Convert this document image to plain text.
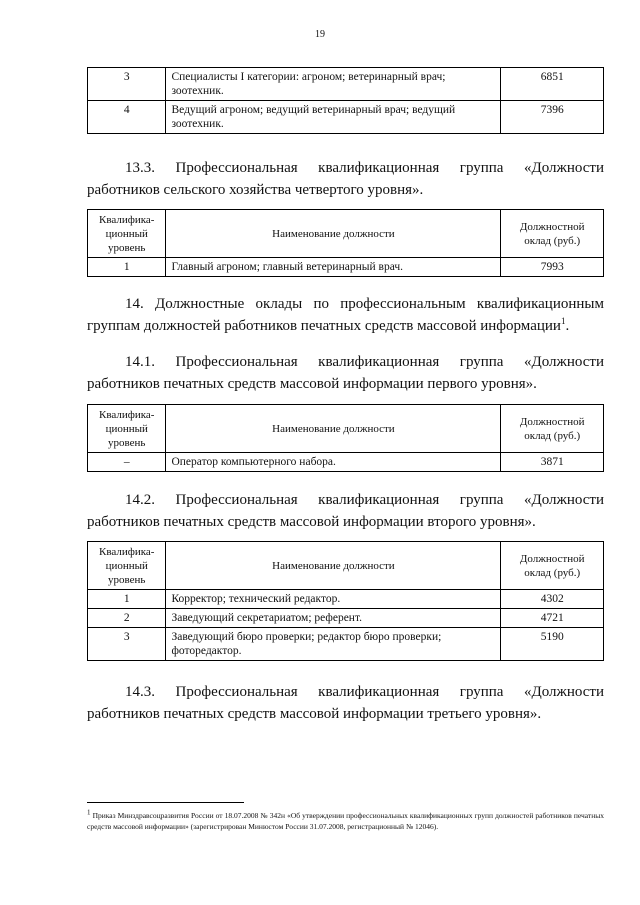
19
3	Специалисты I категории: агроном; ветеринарный врач; зоотехник.	6851
4	Ведущий агроном; ведущий ветеринарный врач; ведущий зоотехник.	7396
13.3. Профессиональная квалификационная группа «Должности
работников сельского хозяйства четвертого уровня».
Квалифика-ционный уровень	Наименование должности	Должностной оклад (руб.)
1	Главный агроном; главный ветеринарный врач.	7993
14. Должностные оклады по профессиональным квалификационным
группам должностей работников печатных средств массовой информации$^1$.
14.1. Профессиональная квалификационная группа «Должности
работников печатных средств массовой информации первого уровня».
Квалифика-ционный уровень	Наименование должности	Должностной оклад (руб.)
–	Оператор компьютерного набора.	3871
14.2. Профессиональная квалификационная группа «Должности
работников печатных средств массовой информации второго уровня».
Квалифика-ционный уровень	Наименование должности	Должностной оклад (руб.)
1	Корректор; технический редактор.	4302
2	Заведующий секретариатом; референт.	4721
3	Заведующий бюро проверки; редактор бюро проверки; фоторедактор.	5190
14.3. Профессиональная квалификационная группа «Должности
работников печатных средств массовой информации третьего уровня».
$^1$ Приказ Минздравсоцразвития России от 18.07.2008 № 342н «Об утверждении профессиональных квалификационных групп должностей работников печатных средств массовой информации» (зарегистрирован Минюстом России 31.07.2008, регистрационный № 12046).
